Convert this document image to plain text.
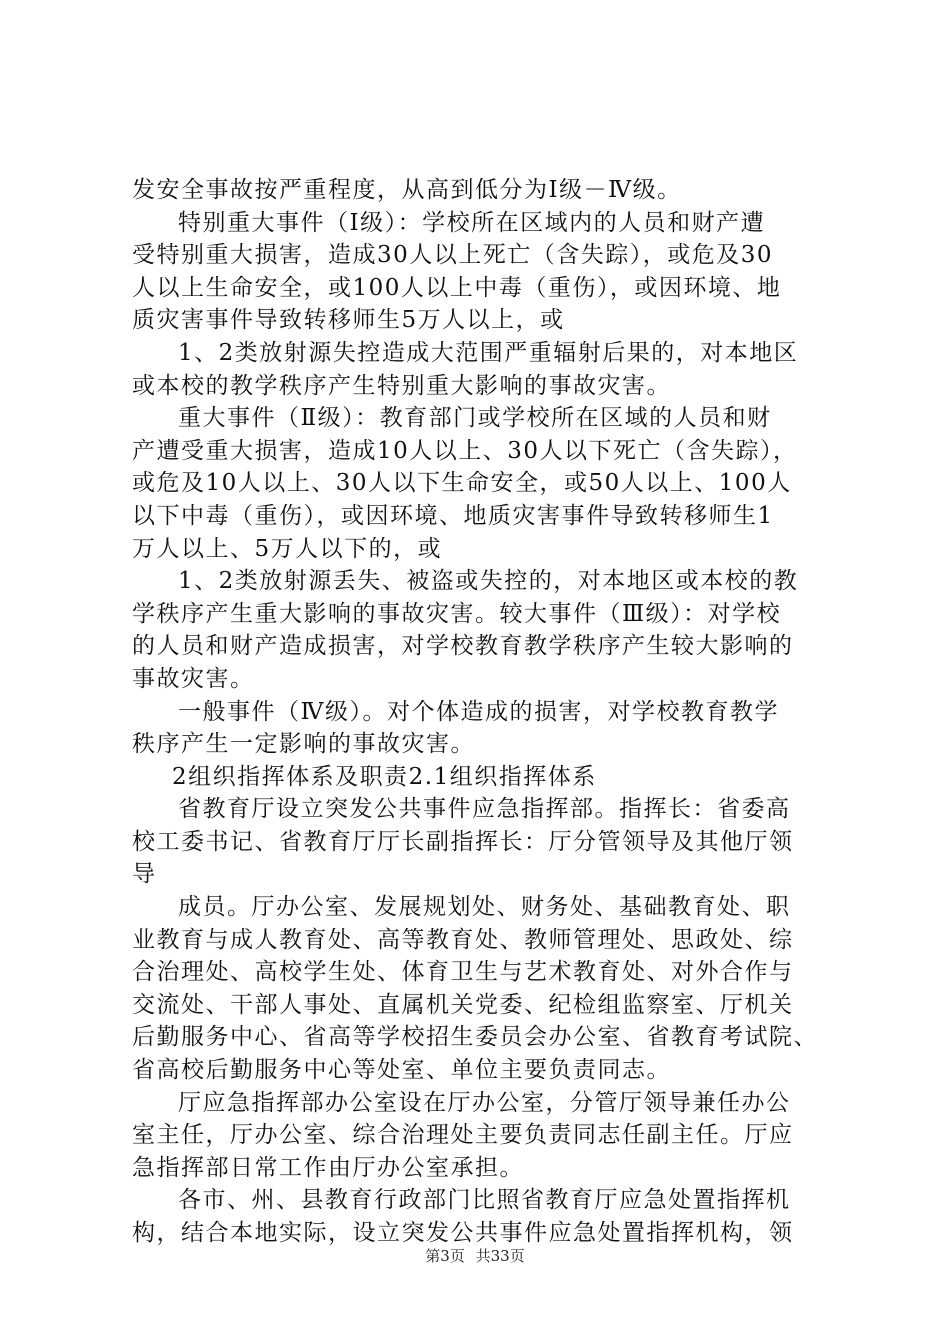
发安全事故按严重程度，从高到低分为Ⅰ级－Ⅳ级。
特别重大事件（Ⅰ级）：学校所在区域内的人员和财产遭
受特别重大损害，造成30人以上死亡（含失踪），或危及30
人以上生命安全，或100人以上中毒（重伤），或因环境、地
质灾害事件导致转移师生5万人以上，或
1、2类放射源失控造成大范围严重辐射后果的，对本地区
或本校的教学秩序产生特别重大影响的事故灾害。
重大事件（Ⅱ级）：教育部门或学校所在区域的人员和财
产遭受重大损害，造成10人以上、30人以下死亡（含失踪），
或危及10人以上、30人以下生命安全，或50人以上、100人
以下中毒（重伤），或因环境、地质灾害事件导致转移师生1
万人以上、5万人以下的，或
1、2类放射源丢失、被盗或失控的，对本地区或本校的教
学秩序产生重大影响的事故灾害。较大事件（Ⅲ级）：对学校
的人员和财产造成损害，对学校教育教学秩序产生较大影响的
事故灾害。
一般事件（Ⅳ级）。对个体造成的损害，对学校教育教学
秩序产生一定影响的事故灾害。
2组织指挥体系及职责2.1组织指挥体系
省教育厅设立突发公共事件应急指挥部。指挥长：省委高
校工委书记、省教育厅厅长副指挥长：厅分管领导及其他厅领
导
成员。厅办公室、发展规划处、财务处、基础教育处、职
业教育与成人教育处、高等教育处、教师管理处、思政处、综
合治理处、高校学生处、体育卫生与艺术教育处、对外合作与
交流处、干部人事处、直属机关党委、纪检组监察室、厅机关
后勤服务中心、省高等学校招生委员会办公室、省教育考试院、
省高校后勤服务中心等处室、单位主要负责同志。
厅应急指挥部办公室设在厅办公室，分管厅领导兼任办公
室主任，厅办公室、综合治理处主要负责同志任副主任。厅应
急指挥部日常工作由厅办公室承担。
各市、州、县教育行政部门比照省教育厅应急处置指挥机
构，结合本地实际，设立突发公共事件应急处置指挥机构，领
第3页 共33页
